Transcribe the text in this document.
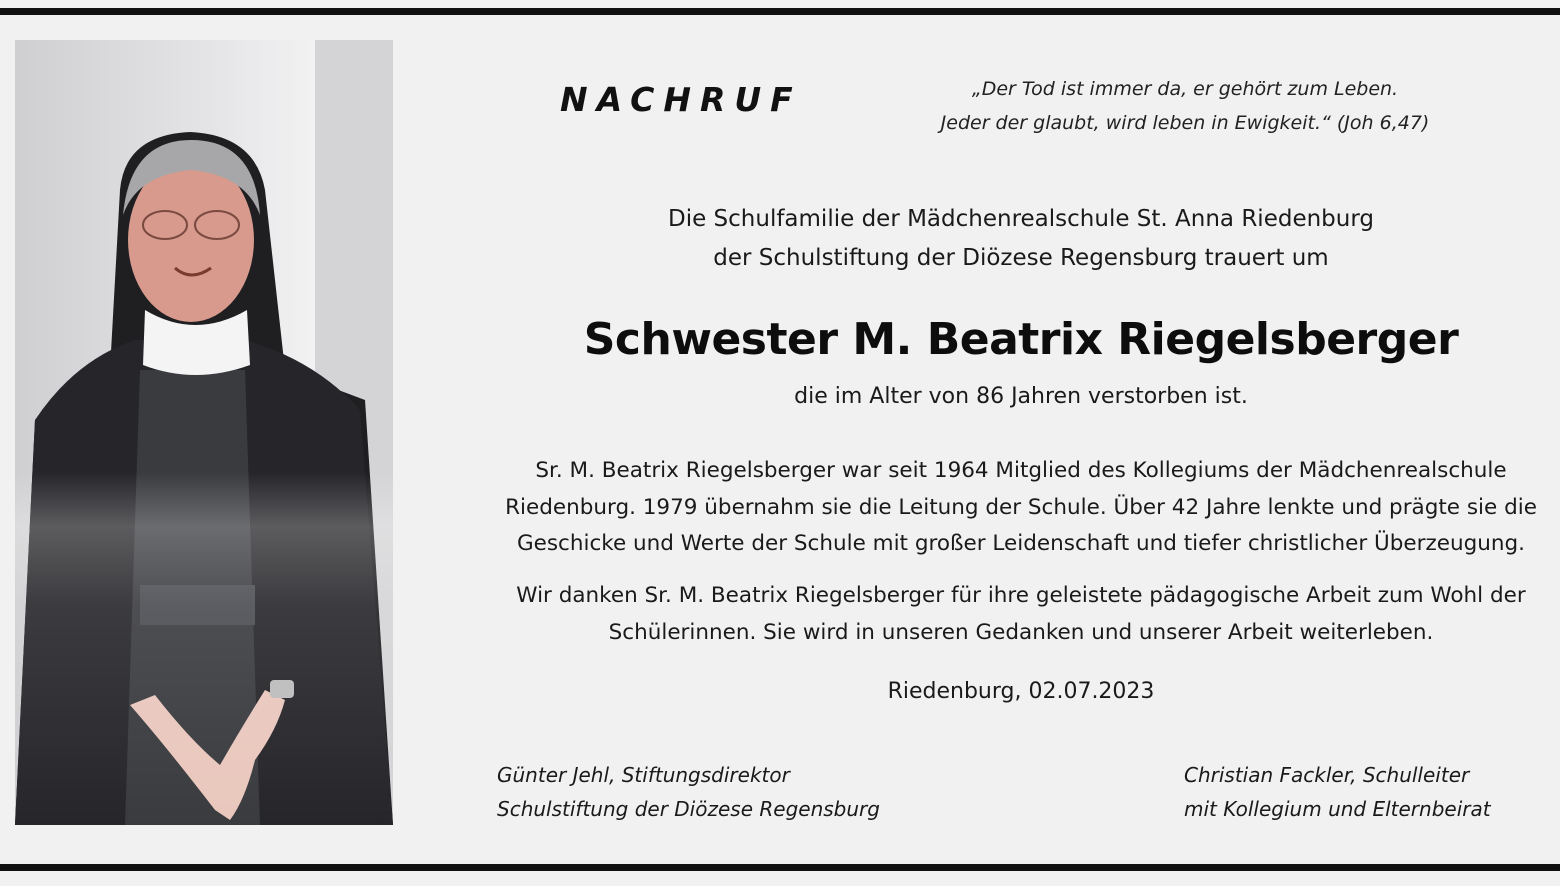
NACHRUF	„Der Tod ist immer da, er gehört zum Leben.
Jeder der glaubt, wird leben in Ewigkeit.“ (Joh 6,47)
Die Schulfamilie der Mädchenrealschule St. Anna Riedenburg
der Schulstiftung der Diözese Regensburg trauert um
Schwester M. Beatrix Riegelsberger
die im Alter von 86 Jahren verstorben ist.
Sr. M. Beatrix Riegelsberger war seit 1964 Mitglied des Kollegiums der Mädchenrealschule
Riedenburg. 1979 übernahm sie die Leitung der Schule. Über 42 Jahre lenkte und prägte sie die
Geschicke und Werte der Schule mit großer Leidenschaft und tiefer christlicher Überzeugung.
Wir danken Sr. M. Beatrix Riegelsberger für ihre geleistete pädagogische Arbeit zum Wohl der
Schülerinnen. Sie wird in unseren Gedanken und unserer Arbeit weiterleben.
Riedenburg, 02.07.2023
Günter Jehl, Stiftungsdirektor
Schulstiftung der Diözese Regensburg
Christian Fackler, Schulleiter
mit Kollegium und Elternbeirat
